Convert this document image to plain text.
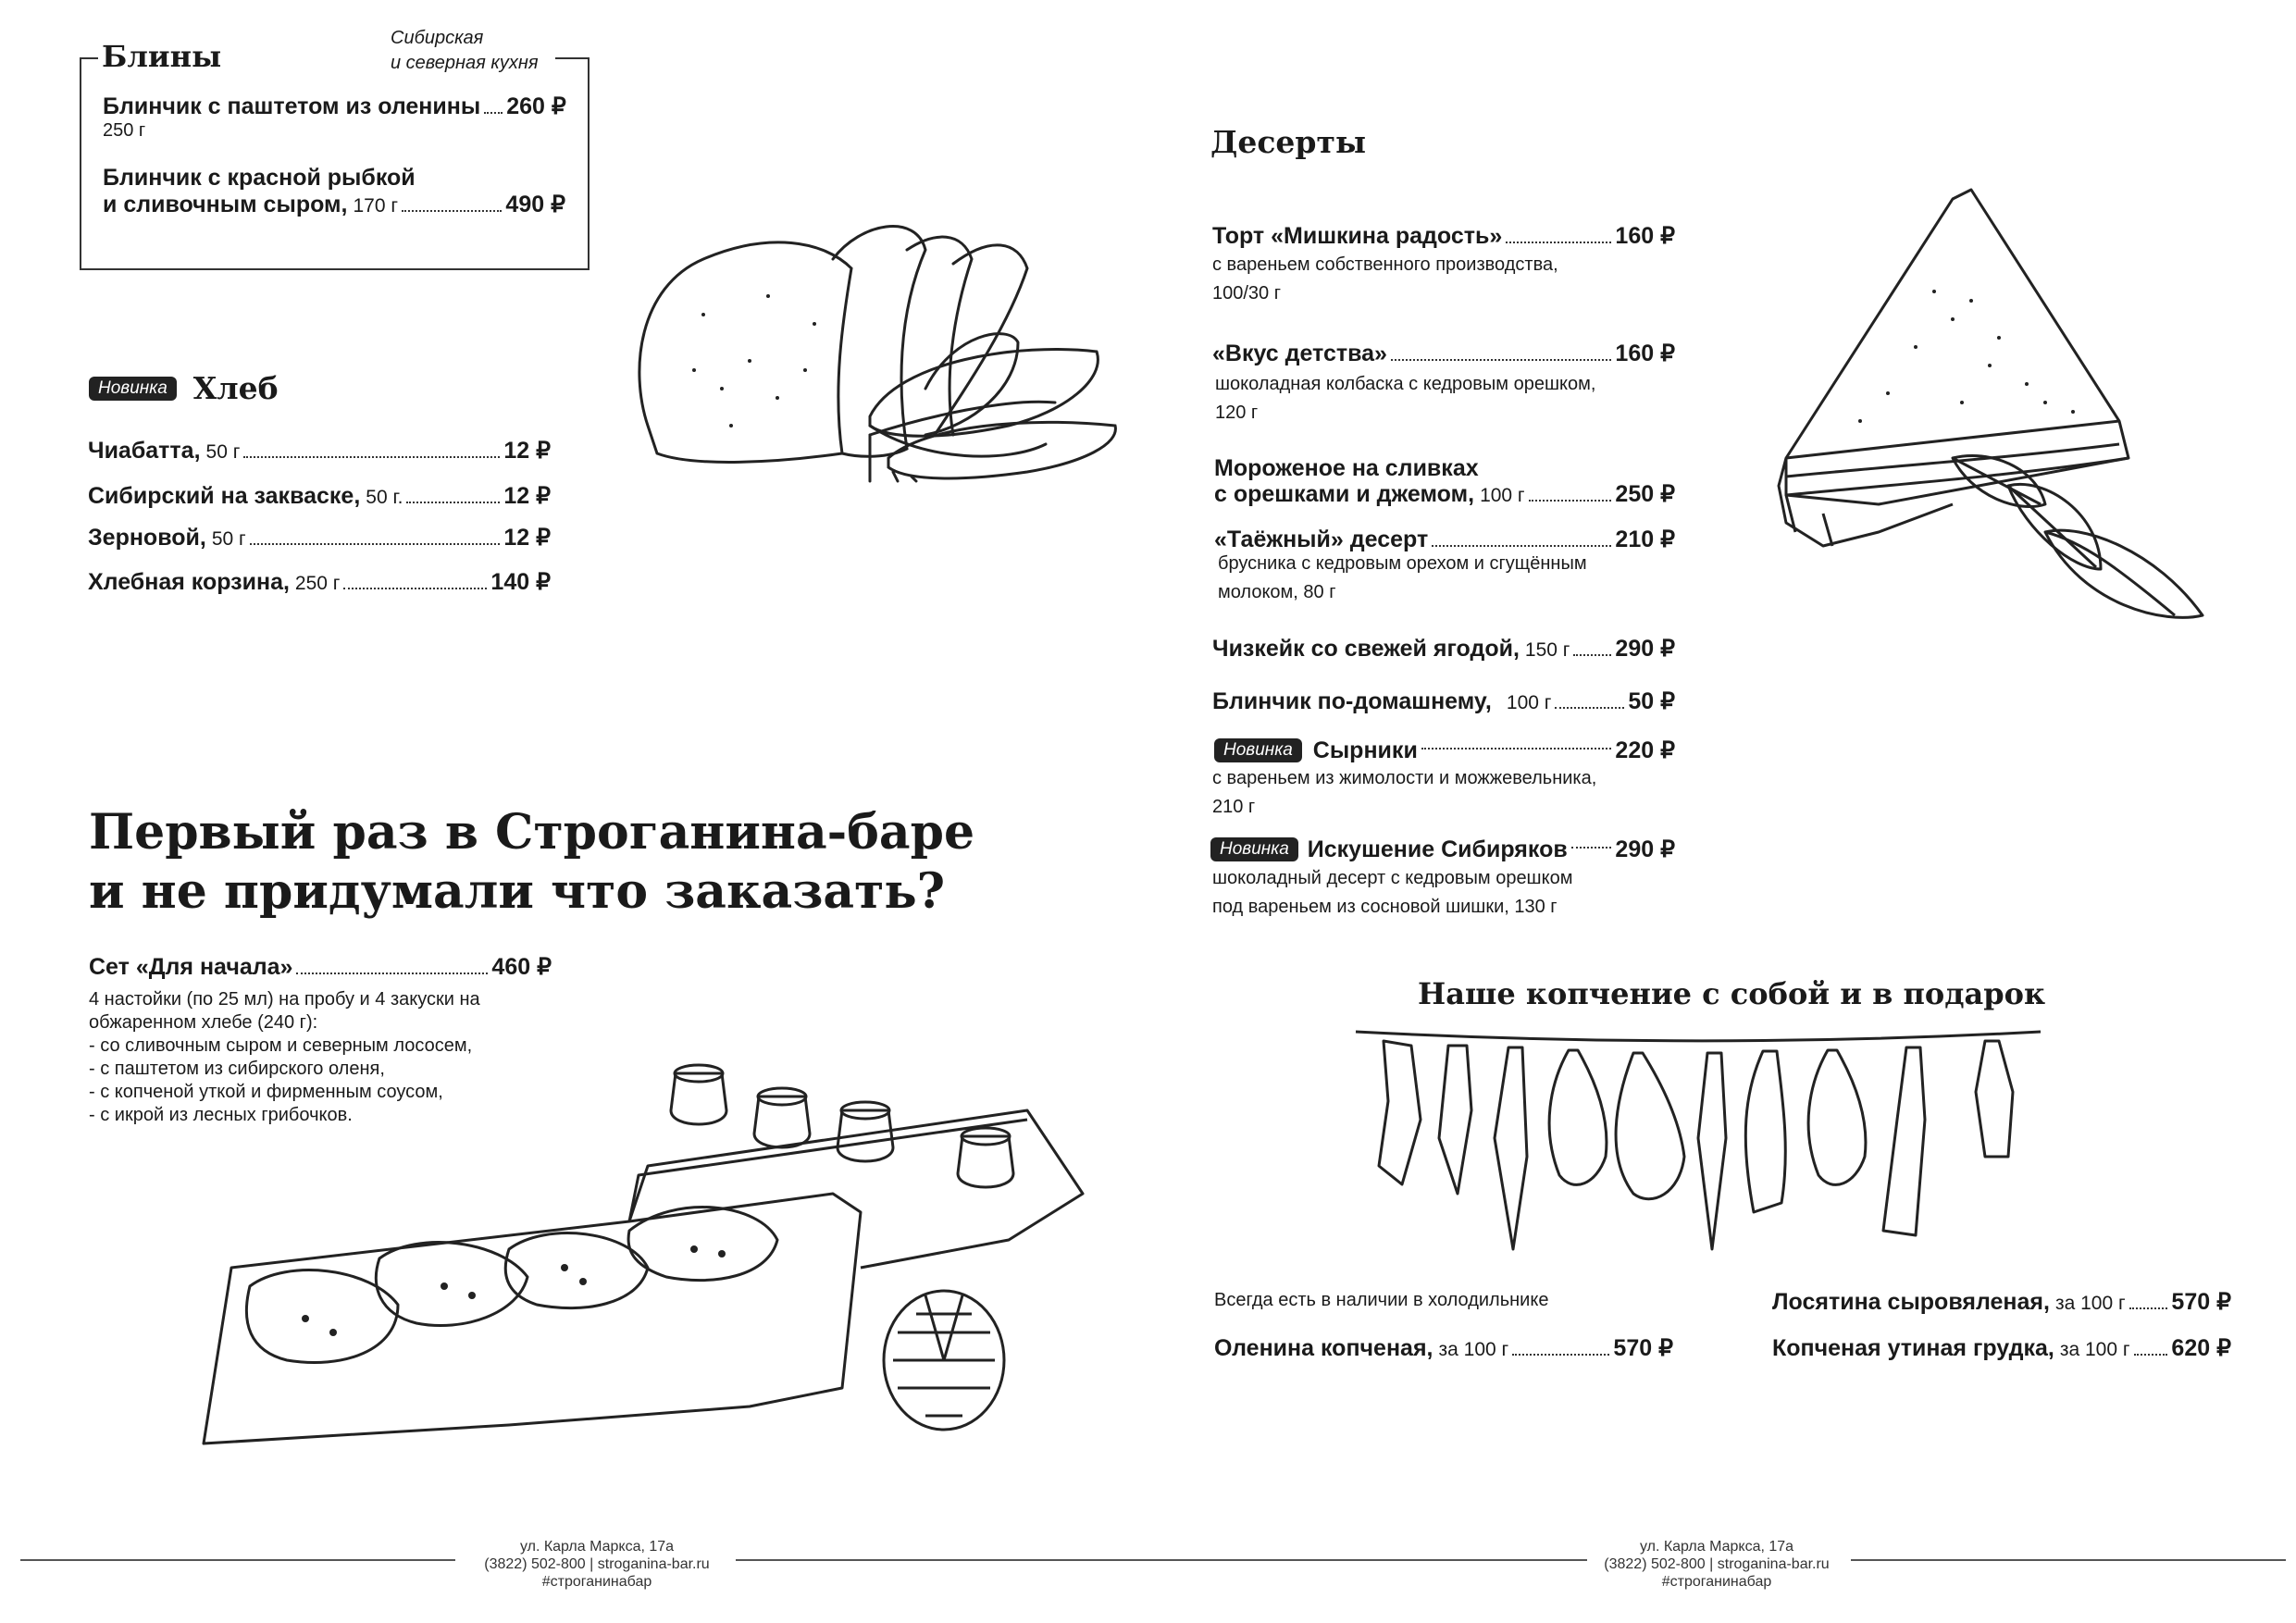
Блины
Сибирская
и северная кухня
Блинчик с паштетом из оленины 260 ₽
250 г
Блинчик с красной рыбкой
и сливочным сыром, 170 г	490 ₽
Новинка Хлеб
Чиабатта, 50 г	12 ₽
Сибирский на закваске, 50 г.	12 ₽
Зерновой, 50 г	12 ₽
Хлебная корзина, 250 г	140 ₽
Первый раз в Строганина-баре
и не придумали что заказать?
Сет «Для начала»	460 ₽
4 настойки (по 25 мл) на пробу и 4 закуски на
обжаренном хлебе (240 г):
- со сливочным сыром и северным лососем,
- с паштетом из сибирского оленя,
- с копченой уткой и фирменным соусом,
- с икрой из лесных грибочков.
ул. Карла Маркса, 17а
(3822) 502-800 | stroganina-bar.ru
#строганинабар
Десерты
Торт «Мишкина радость»	160 ₽
с вареньем собственного производства,
100/30 г
«Вкус детства»	160 ₽
шоколадная колбаска с кедровым орешком,
120 г
Мороженое на сливках
с орешками и джемом, 100 г	250 ₽
«Таёжный» десерт	210 ₽
брусника с кедровым орехом и сгущённым
молоком, 80 г
Чизкейк со свежей ягодой, 150 г 290 ₽
Блинчик по-домашнему, 100 г	50 ₽
Новинка Сырники	220 ₽
с вареньем из жимолости и можжевельника,
210 г
Новинка Искушение Сибиряков 290 ₽
шоколадный десерт с кедровым орешком
под вареньем из сосновой шишки, 130 г
Наше копчение с собой и в подарок
Всегда есть в наличии в холодильнике
Оленина копченая, за 100 г	570 ₽
Лосятина сыровяленая, за 100 г 570 ₽
Копченая утиная грудка, за 100 г 620 ₽
ул. Карла Маркса, 17а
(3822) 502-800 | stroganina-bar.ru
#строганинабар
